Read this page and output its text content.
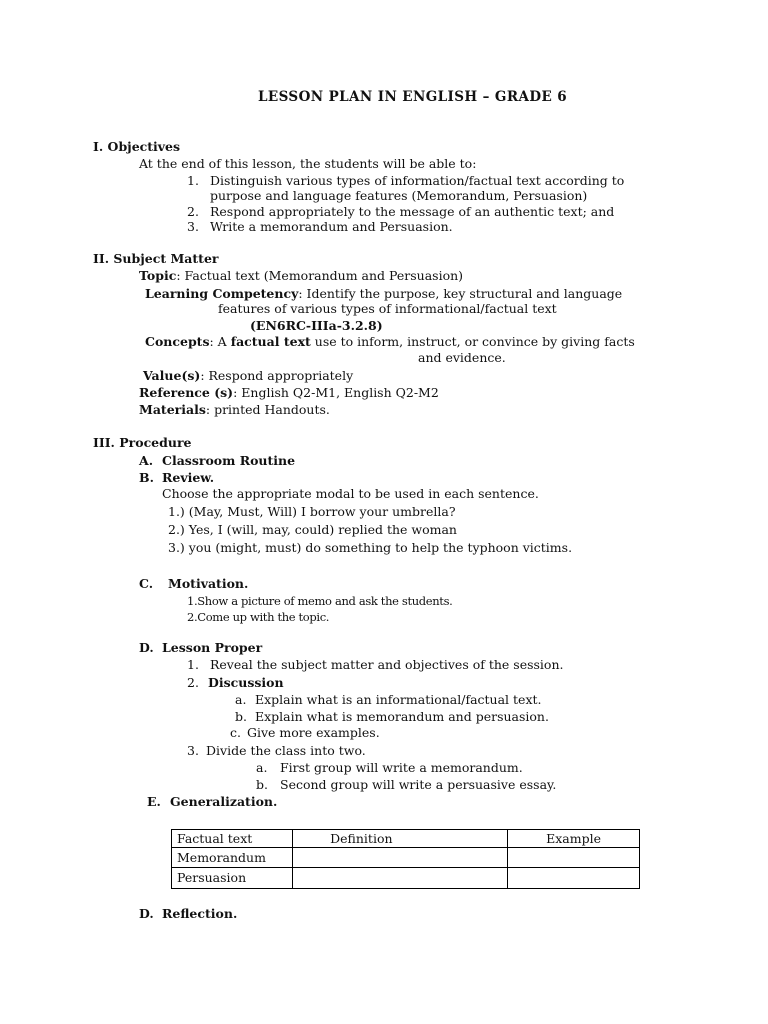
LESSON PLAN IN ENGLISH – GRADE 6
I. Objectives
At the end of this lesson, the students will be able to:
1. Distinguish various types of information/factual text according to
purpose and language features (Memorandum, Persuasion)
2. Respond appropriately to the message of an authentic text; and
3. Write a memorandum and Persuasion.
II. Subject Matter
Topic: Factual text (Memorandum and Persuasion)
Learning Competency: Identify the purpose, key structural and language
features of various types of informational/factual text
(EN6RC-IIIa-3.2.8)
Concepts: A factual text use to inform, instruct, or convince by giving facts
and evidence.
Value(s): Respond appropriately
Reference (s): English Q2-M1, English Q2-M2
Materials: printed Handouts.
III. Procedure
A. Classroom Routine
B. Review.
Choose the appropriate modal to be used in each sentence.
1.) (May, Must, Will) I borrow your umbrella?
2.) Yes, I (will, may, could) replied the woman
3.) you (might, must) do something to help the typhoon victims.
C. Motivation.
1.Show a picture of memo and ask the students.
2.Come up with the topic.
D. Lesson Proper
1. Reveal the subject matter and objectives of the session.
2. Discussion
a. Explain what is an informational/factual text.
b. Explain what is memorandum and persuasion.
c. Give more examples.
3. Divide the class into two.
a. First group will write a memorandum.
b. Second group will write a persuasive essay.
E. Generalization.
Factual text	Definition	Example
Memorandum		
Persuasion		
D. Reflection.
